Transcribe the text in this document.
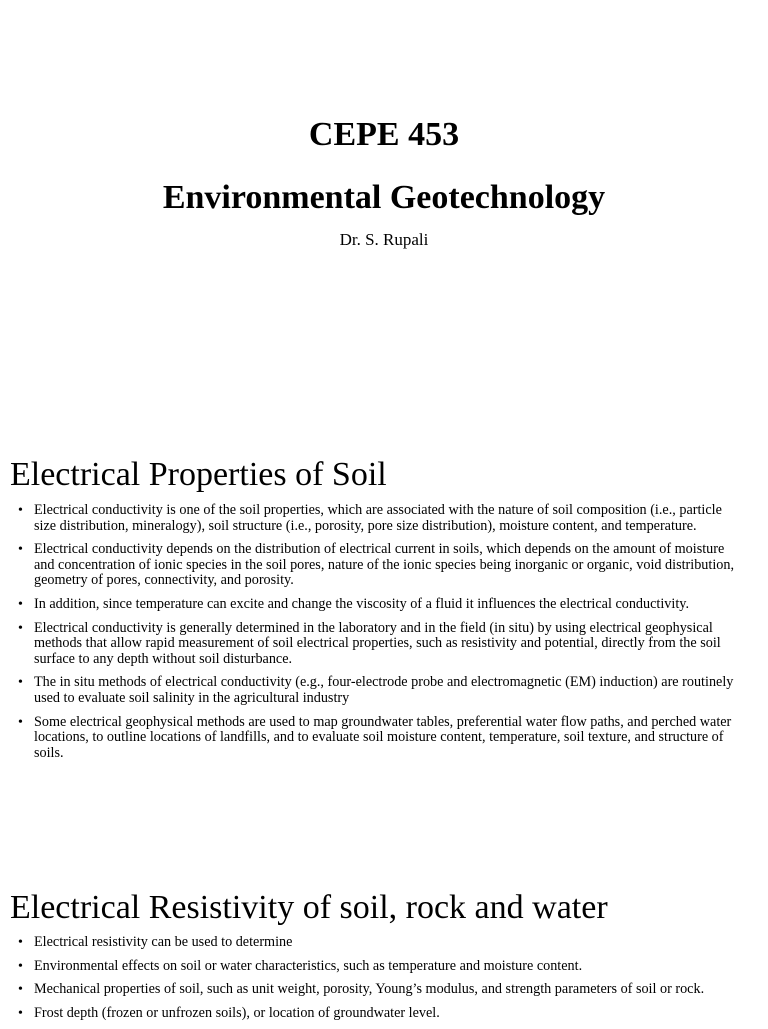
CEPE 453
Environmental Geotechnology

Dr. S. Rupali

Electrical Properties of Soil
• Electrical conductivity is one of the soil properties, which are associated with the nature of soil composition (i.e., particle size distribution, mineralogy), soil structure (i.e., porosity, pore size distribution), moisture content, and temperature.
• Electrical conductivity depends on the distribution of electrical current in soils, which depends on the amount of moisture and concentration of ionic species in the soil pores, nature of the ionic species being inorganic or organic, void distribution, geometry of pores, connectivity, and porosity.
• In addition, since temperature can excite and change the viscosity of a fluid it influences the electrical conductivity.
• Electrical conductivity is generally determined in the laboratory and in the field (in situ) by using electrical geophysical methods that allow rapid measurement of soil electrical properties, such as resistivity and potential, directly from the soil surface to any depth without soil disturbance.
• The in situ methods of electrical conductivity (e.g., four-electrode probe and electromagnetic (EM) induction) are routinely used to evaluate soil salinity in the agricultural industry
• Some electrical geophysical methods are used to map groundwater tables, preferential water flow paths, and perched water locations, to outline locations of landfills, and to evaluate soil moisture content, temperature, soil texture, and structure of soils.
Electrical Resistivity of soil, rock and water
• Electrical resistivity can be used to determine
• Environmental effects on soil or water characteristics, such as temperature and moisture content.
• Mechanical properties of soil, such as unit weight, porosity, Young’s modulus, and strength parameters of soil or rock.
• Frost depth (frozen or unfrozen soils), or location of groundwater level.
